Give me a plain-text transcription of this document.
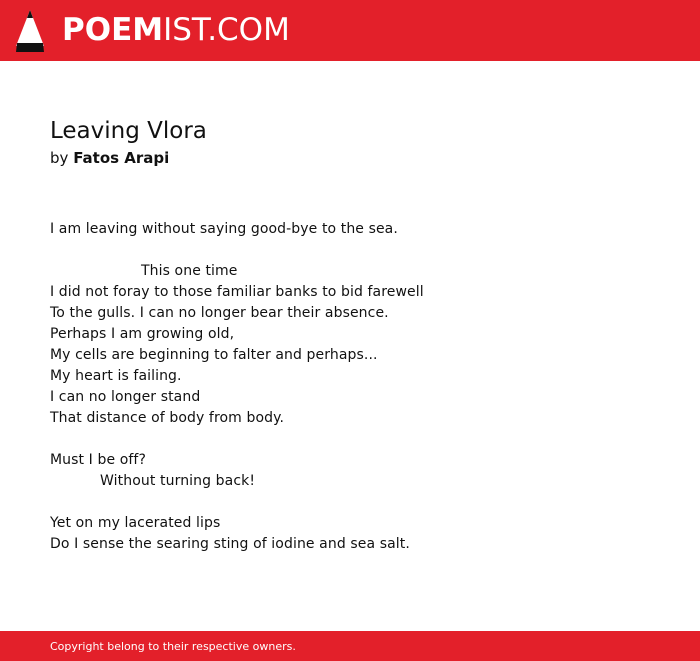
POEMIST.COM
Leaving Vlora
by Fatos Arapi
I am leaving without saying good-bye to the sea.
This one time
I did not foray to those familiar banks to bid farewell
To the gulls. I can no longer bear their absence.
Perhaps I am growing old,
My cells are beginning to falter and perhaps...
My heart is failing.
I can no longer stand
That distance of body from body.
Must I be off?
Without turning back!
Yet on my lacerated lips
Do I sense the searing sting of iodine and sea salt.
Copyright belong to their respective owners.
